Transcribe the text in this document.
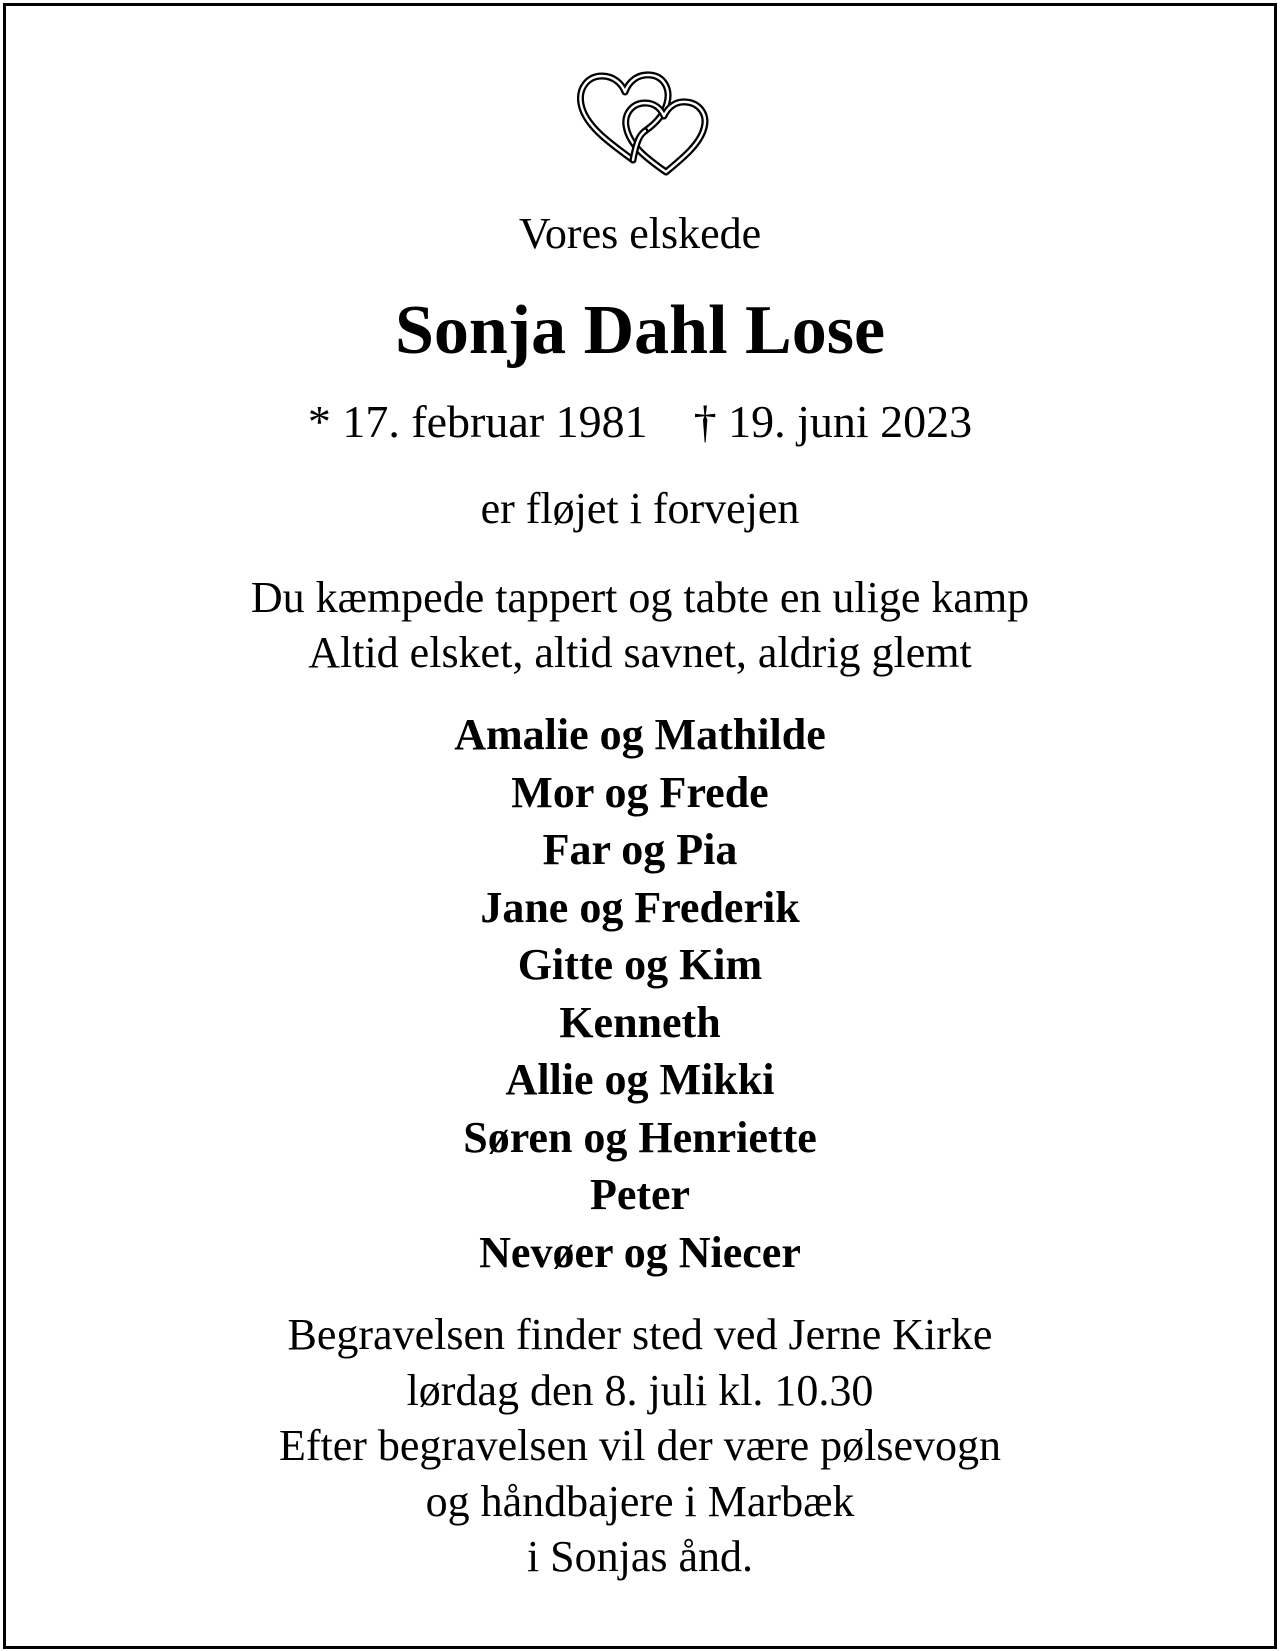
Vores elskede

Sonja Dahl Lose

* 17. februar 1981 † 19. juni 2023

er fløjet i forvejen

Du kæmpede tappert og tabte en ulige kamp
Altid elsket, altid savnet, aldrig glemt
Amalie og Mathilde
Mor og Frede
Far og Pia
Jane og Frederik
Gitte og Kim
Kenneth
Allie og Mikki
Søren og Henriette
Peter
Nevøer og Niecer
Begravelsen finder sted ved Jerne Kirke
lørdag den 8. juli kl. 10.30
Efter begravelsen vil der være pølsevogn
og håndbajere i Marbæk
i Sonjas ånd.
